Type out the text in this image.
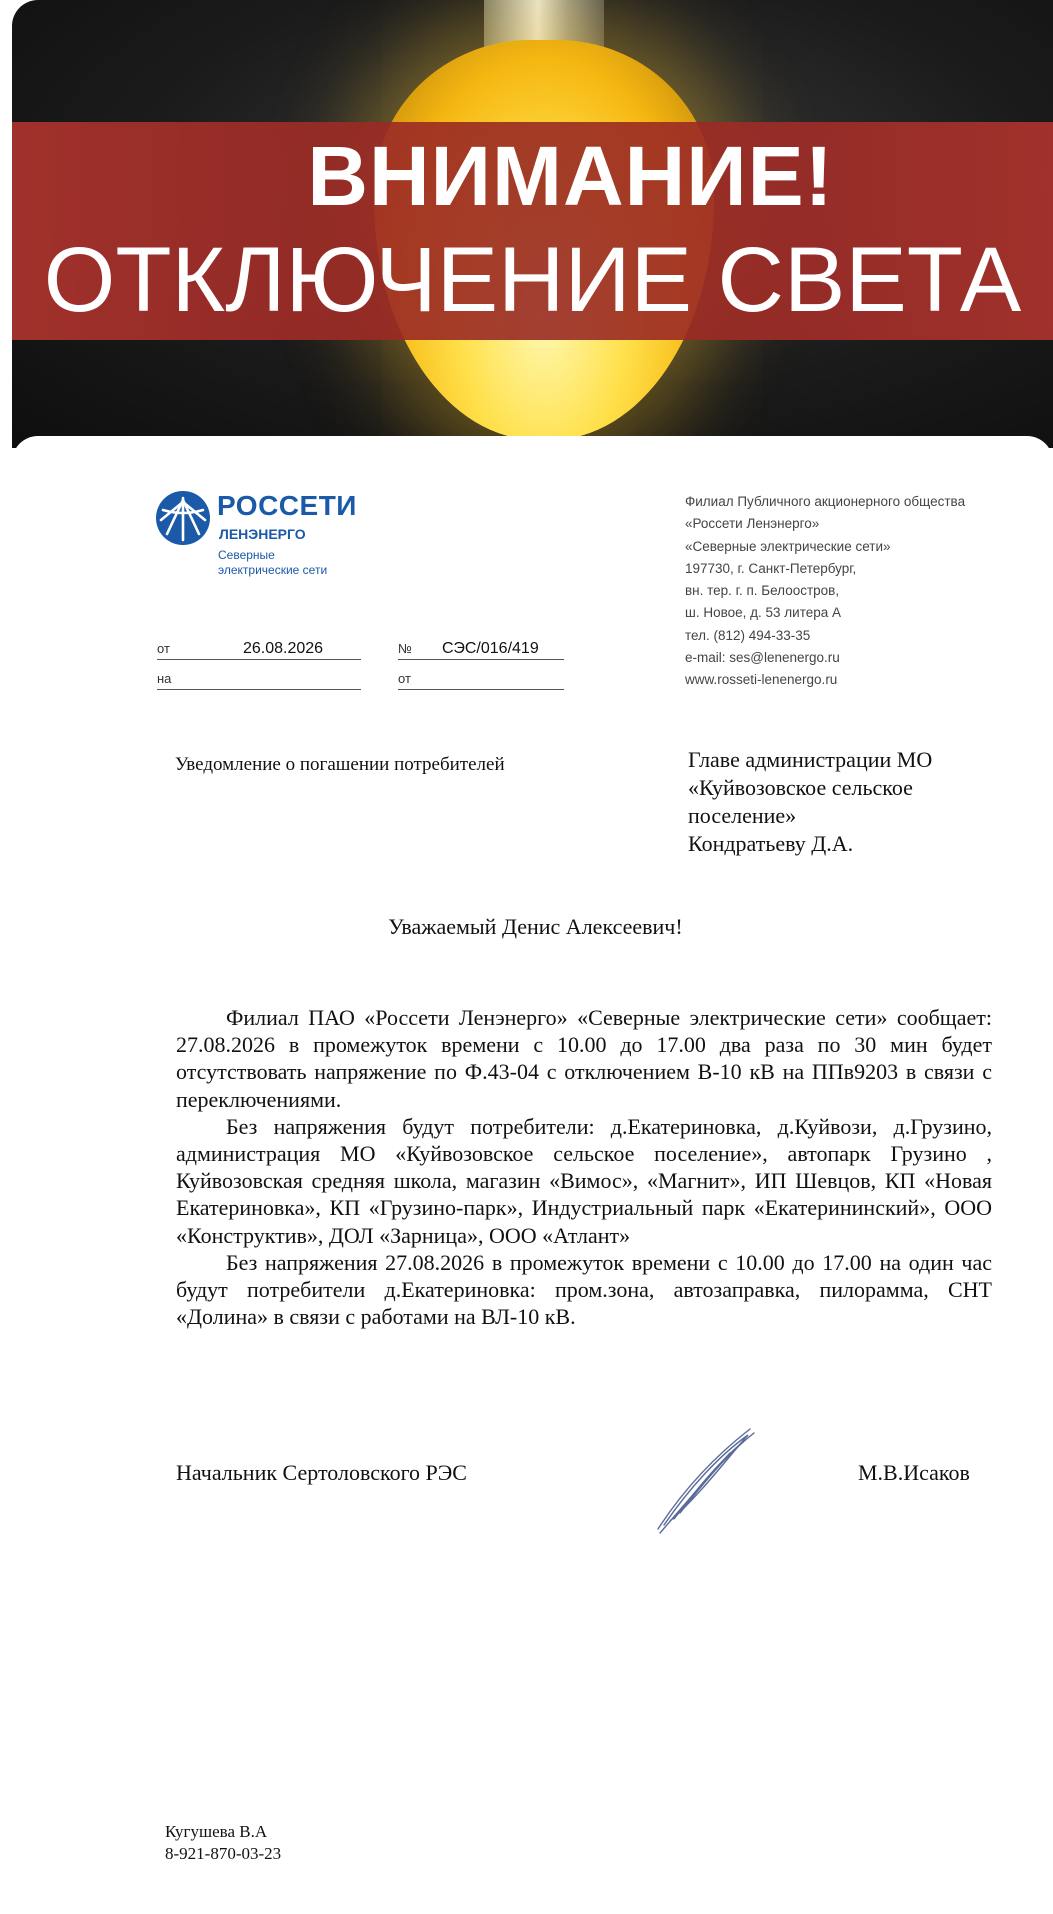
ВНИМАНИЕ!
ОТКЛЮЧЕНИЕ СВЕТА
РОССЕТИ
ЛЕНЭНЕРГО
Северные электрические сети
Филиал Публичного акционерного общества
«Россети Ленэнерго»
«Северные электрические сети»
197730, г. Санкт-Петербург,
вн. тер. г. п. Белоостров,
ш. Новое, д. 53 литера А
тел. (812) 494-33-35
e-mail: ses@lenenergo.ru
www.rosseti-lenenergo.ru
от	26.08.2026	№ СЭС/016/419
на	от
Уведомление о погашении потребителей	Главе администрации МО
«Куйвозовское сельское
поселение»
Кондратьеву Д.А.
Уважаемый Денис Алексеевич!

Филиал ПАО «Россети Ленэнерго» «Северные электрические сети» сообщает: 27.08.2026 в промежуток времени с 10.00 до 17.00 два раза по 30 мин будет отсутствовать напряжение по Ф.43-04 с отключением В-10 кВ на ППв9203 в связи с переключениями.

Без напряжения будут потребители: д.Екатериновка, д.Куйвози, д.Грузино, администрация МО «Куйвозовское сельское поселение», автопарк Грузино , Куйвозовская средняя школа, магазин «Вимос», «Магнит», ИП Шевцов, КП «Новая Екатериновка», КП «Грузино-парк», Индустриальный парк «Екатерининский», ООО «Конструктив», ДОЛ «Зарница», ООО «Атлант»

Без напряжения 27.08.2026 в промежуток времени с 10.00 до 17.00 на один час будут потребители д.Екатериновка: пром.зона, автозаправка, пилорамма, СНТ «Долина» в связи с работами на ВЛ-10 кВ.

Начальник Сертоловского РЭС	М.В.Исаков
Кугушева В.А
8-921-870-03-23
